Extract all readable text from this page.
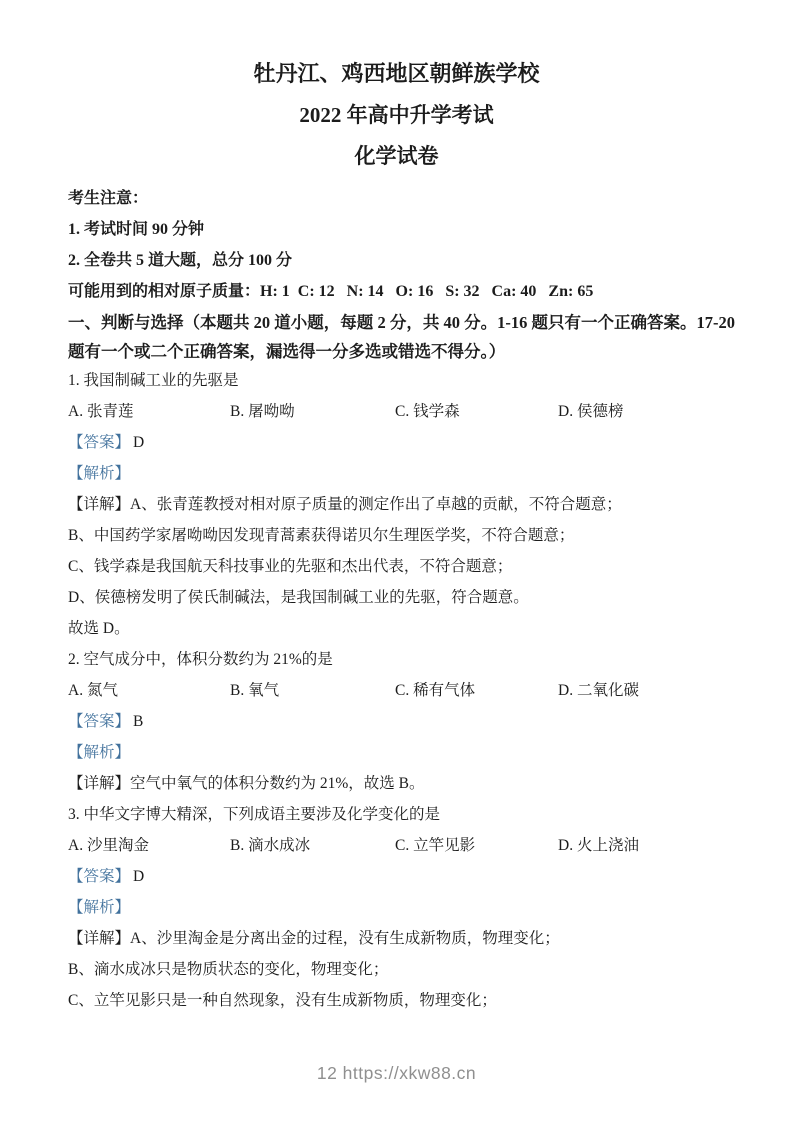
牡丹江、鸡西地区朝鲜族学校
2022 年高中升学考试
化学试卷

考生注意：

1. 考试时间 90 分钟

2. 全卷共 5 道大题，总分 100 分

可能用到的相对原子质量：H: 1  C: 12   N: 14   O: 16   S: 32   Ca: 40   Zn: 65

一、判断与选择（本题共 20 道小题，每题 2 分，共 40 分。1-16 题只有一个正确答案。17-20

题有一个或二个正确答案，漏选得一分多选或错选不得分。）

1. 我国制碱工业的先驱是

A. 张青莲	B. 屠呦呦	C. 钱学森	D. 侯德榜

【答案】 D

【解析】

【详解】A、张青莲教授对相对原子质量的测定作出了卓越的贡献，不符合题意；

B、中国药学家屠呦呦因发现青蒿素获得诺贝尔生理医学奖，不符合题意；

C、钱学森是我国航天科技事业的先驱和杰出代表，不符合题意；

D、侯德榜发明了侯氏制碱法，是我国制碱工业的先驱，符合题意。

故选 D。

2. 空气成分中，体积分数约为 21%的是

A. 氮气	B. 氧气	C. 稀有气体	D. 二氧化碳

【答案】 B

【解析】

【详解】空气中氧气的体积分数约为 21%，故选 B。

3. 中华文字博大精深，下列成语主要涉及化学变化的是

A. 沙里淘金	B. 滴水成冰	C. 立竿见影	D. 火上浇油

【答案】 D

【解析】

【详解】A、沙里淘金是分离出金的过程，没有生成新物质，物理变化；

B、滴水成冰只是物质状态的变化，物理变化；

C、立竿见影只是一种自然现象，没有生成新物质，物理变化；

12 https://xkw88.cn
